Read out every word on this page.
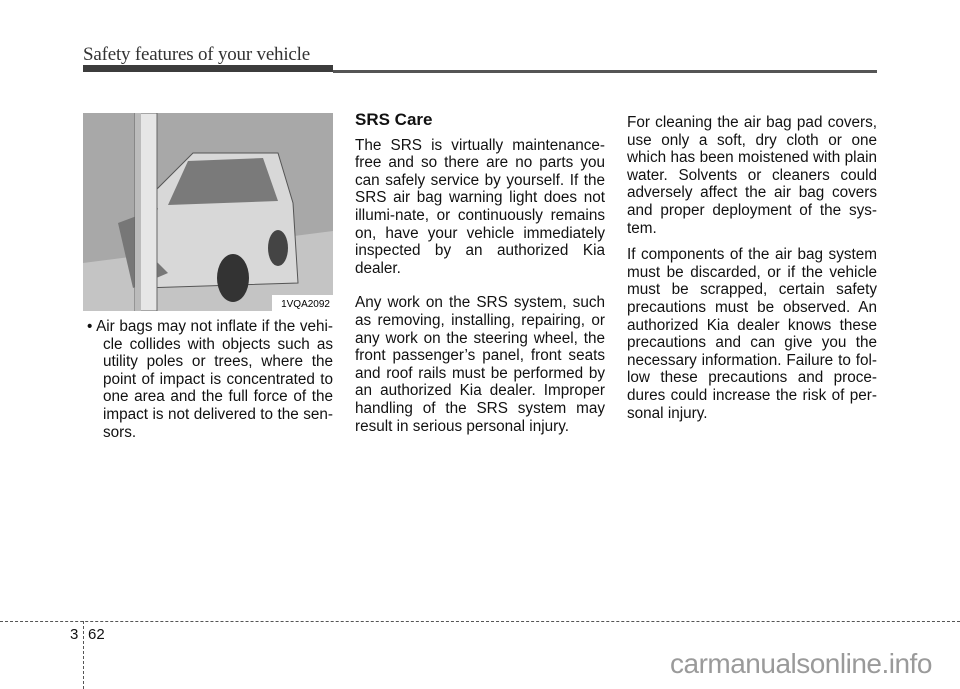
Safety features of your vehicle
1VQA2092

• Air bags may not inflate if the vehi-cle collides with objects such as utility poles or trees, where the point of impact is concentrated to one area and the full force of the impact is not delivered to the sen-sors.

SRS Care

The SRS is virtually maintenance-free and so there are no parts you can safely service by yourself. If the SRS air bag warning light does not illumi-nate, or continuously remains on, have your vehicle immediately inspected by an authorized Kia dealer.

Any work on the SRS system, such as removing, installing, repairing, or any work on the steering wheel, the front passenger’s panel, front seats and roof rails must be performed by an authorized Kia dealer. Improper handling of the SRS system may result in serious personal injury.

For cleaning the air bag pad covers, use only a soft, dry cloth or one which has been moistened with plain water. Solvents or cleaners could adversely affect the air bag covers and proper deployment of the sys-tem.

If components of the air bag system must be discarded, or if the vehicle must be scrapped, certain safety precautions must be observed. An authorized Kia dealer knows these precautions and can give you the necessary information. Failure to fol-low these precautions and proce-dures could increase the risk of per-sonal injury.

3 62
carmanualsonline.info
